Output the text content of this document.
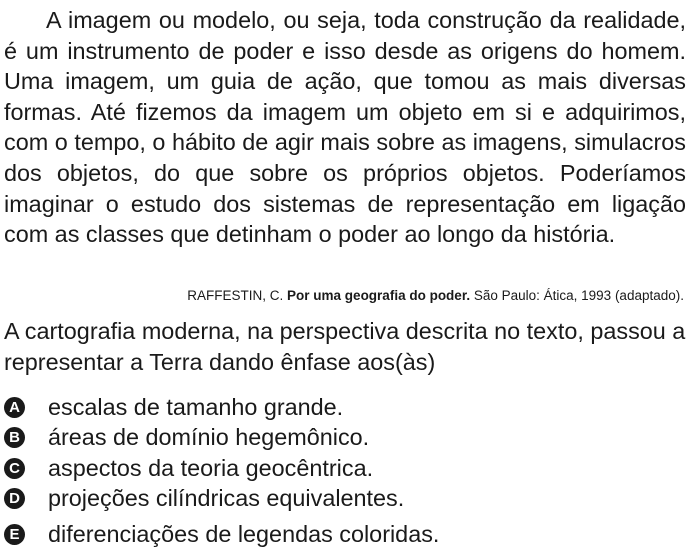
A imagem ou modelo, ou seja, toda construção da realidade, é um instrumento de poder e isso desde as origens do homem. Uma imagem, um guia de ação, que tomou as mais diversas formas. Até fizemos da imagem um objeto em si e adquirimos, com o tempo, o hábito de agir mais sobre as imagens, simulacros dos objetos, do que sobre os próprios objetos. Poderíamos imaginar o estudo dos sistemas de representação em ligação com as classes que detinham o poder ao longo da história.

RAFFESTIN, C. Por uma geografia do poder. São Paulo: Ática, 1993 (adaptado).

A cartografia moderna, na perspectiva descrita no texto, passou a representar a Terra dando ênfase aos(às)

A escalas de tamanho grande.
B áreas de domínio hegemônico.
C aspectos da teoria geocêntrica.
D projeções cilíndricas equivalentes.
E diferenciações de legendas coloridas.
